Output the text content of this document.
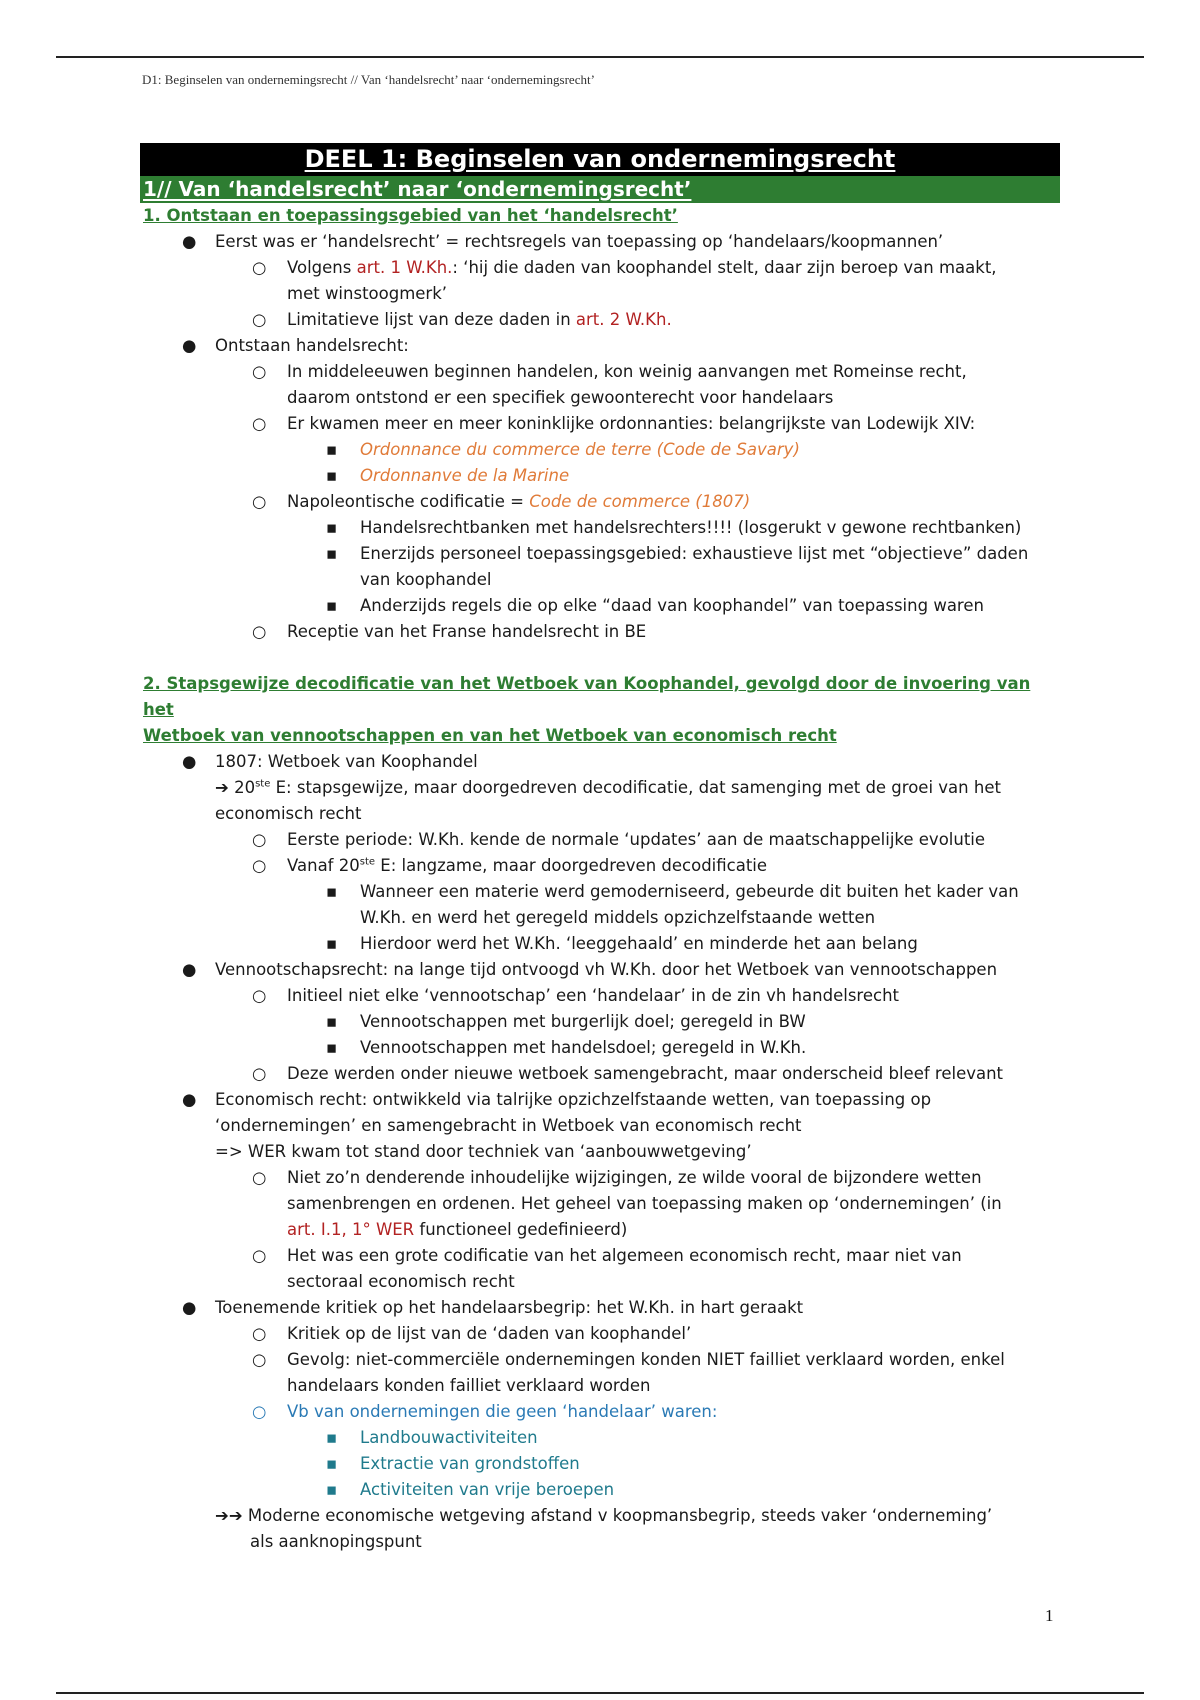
D1: Beginselen van ondernemingsrecht // Van ‘handelsrecht’ naar ‘ondernemingsrecht’
DEEL 1: Beginselen van ondernemingsrecht
1// Van ‘handelsrecht’ naar ‘ondernemingsrecht’
1. Ontstaan en toepassingsgebied van het ‘handelsrecht’
● Eerst was er ‘handelsrecht’ = rechtsregels van toepassing op ‘handelaars/koopmannen’
○ Volgens art. 1 W.Kh.: ‘hij die daden van koophandel stelt, daar zijn beroep van maakt,
met winstoogmerk’
○ Limitatieve lijst van deze daden in art. 2 W.Kh.
● Ontstaan handelsrecht:
○ In middeleeuwen beginnen handelen, kon weinig aanvangen met Romeinse recht,
daarom ontstond er een specifiek gewoonterecht voor handelaars
○ Er kwamen meer en meer koninklijke ordonnanties: belangrijkste van Lodewijk XIV:
▪ Ordonnance du commerce de terre (Code de Savary)
▪ Ordonnanve de la Marine
○ Napoleontische codificatie = Code de commerce (1807)
▪ Handelsrechtbanken met handelsrechters!!!! (losgerukt v gewone rechtbanken)
▪ Enerzijds personeel toepassingsgebied: exhaustieve lijst met “objectieve” daden
van koophandel
▪ Anderzijds regels die op elke “daad van koophandel” van toepassing waren
○ Receptie van het Franse handelsrecht in BE
2. Stapsgewijze decodificatie van het Wetboek van Koophandel, gevolgd door de invoering van het
Wetboek van vennootschappen en van het Wetboek van economisch recht
● 1807: Wetboek van Koophandel
➔ 20ste E: stapsgewijze, maar doorgedreven decodificatie, dat samenging met de groei van het
economisch recht
○ Eerste periode: W.Kh. kende de normale ‘updates’ aan de maatschappelijke evolutie
○ Vanaf 20ste E: langzame, maar doorgedreven decodificatie
▪ Wanneer een materie werd gemoderniseerd, gebeurde dit buiten het kader van
W.Kh. en werd het geregeld middels opzichzelfstaande wetten
▪ Hierdoor werd het W.Kh. ‘leeggehaald’ en minderde het aan belang
● Vennootschapsrecht: na lange tijd ontvoogd vh W.Kh. door het Wetboek van vennootschappen
○ Initieel niet elke ‘vennootschap’ een ‘handelaar’ in de zin vh handelsrecht
▪ Vennootschappen met burgerlijk doel; geregeld in BW
▪ Vennootschappen met handelsdoel; geregeld in W.Kh.
○ Deze werden onder nieuwe wetboek samengebracht, maar onderscheid bleef relevant
● Economisch recht: ontwikkeld via talrijke opzichzelfstaande wetten, van toepassing op
‘ondernemingen’ en samengebracht in Wetboek van economisch recht
=> WER kwam tot stand door techniek van ‘aanbouwwetgeving’
○ Niet zo’n denderende inhoudelijke wijzigingen, ze wilde vooral de bijzondere wetten
samenbrengen en ordenen. Het geheel van toepassing maken op ‘ondernemingen’ (in
art. I.1, 1° WER functioneel gedefinieerd)
○ Het was een grote codificatie van het algemeen economisch recht, maar niet van
sectoraal economisch recht
● Toenemende kritiek op het handelaarsbegrip: het W.Kh. in hart geraakt
○ Kritiek op de lijst van de ‘daden van koophandel’
○ Gevolg: niet-commerciële ondernemingen konden NIET failliet verklaard worden, enkel
handelaars konden failliet verklaard worden
○ Vb van ondernemingen die geen ‘handelaar’ waren:
▪ Landbouwactiviteiten
▪ Extractie van grondstoffen
▪ Activiteiten van vrije beroepen
➔➔ Moderne economische wetgeving afstand v koopmansbegrip, steeds vaker ‘onderneming’
als aanknopingspunt
1
